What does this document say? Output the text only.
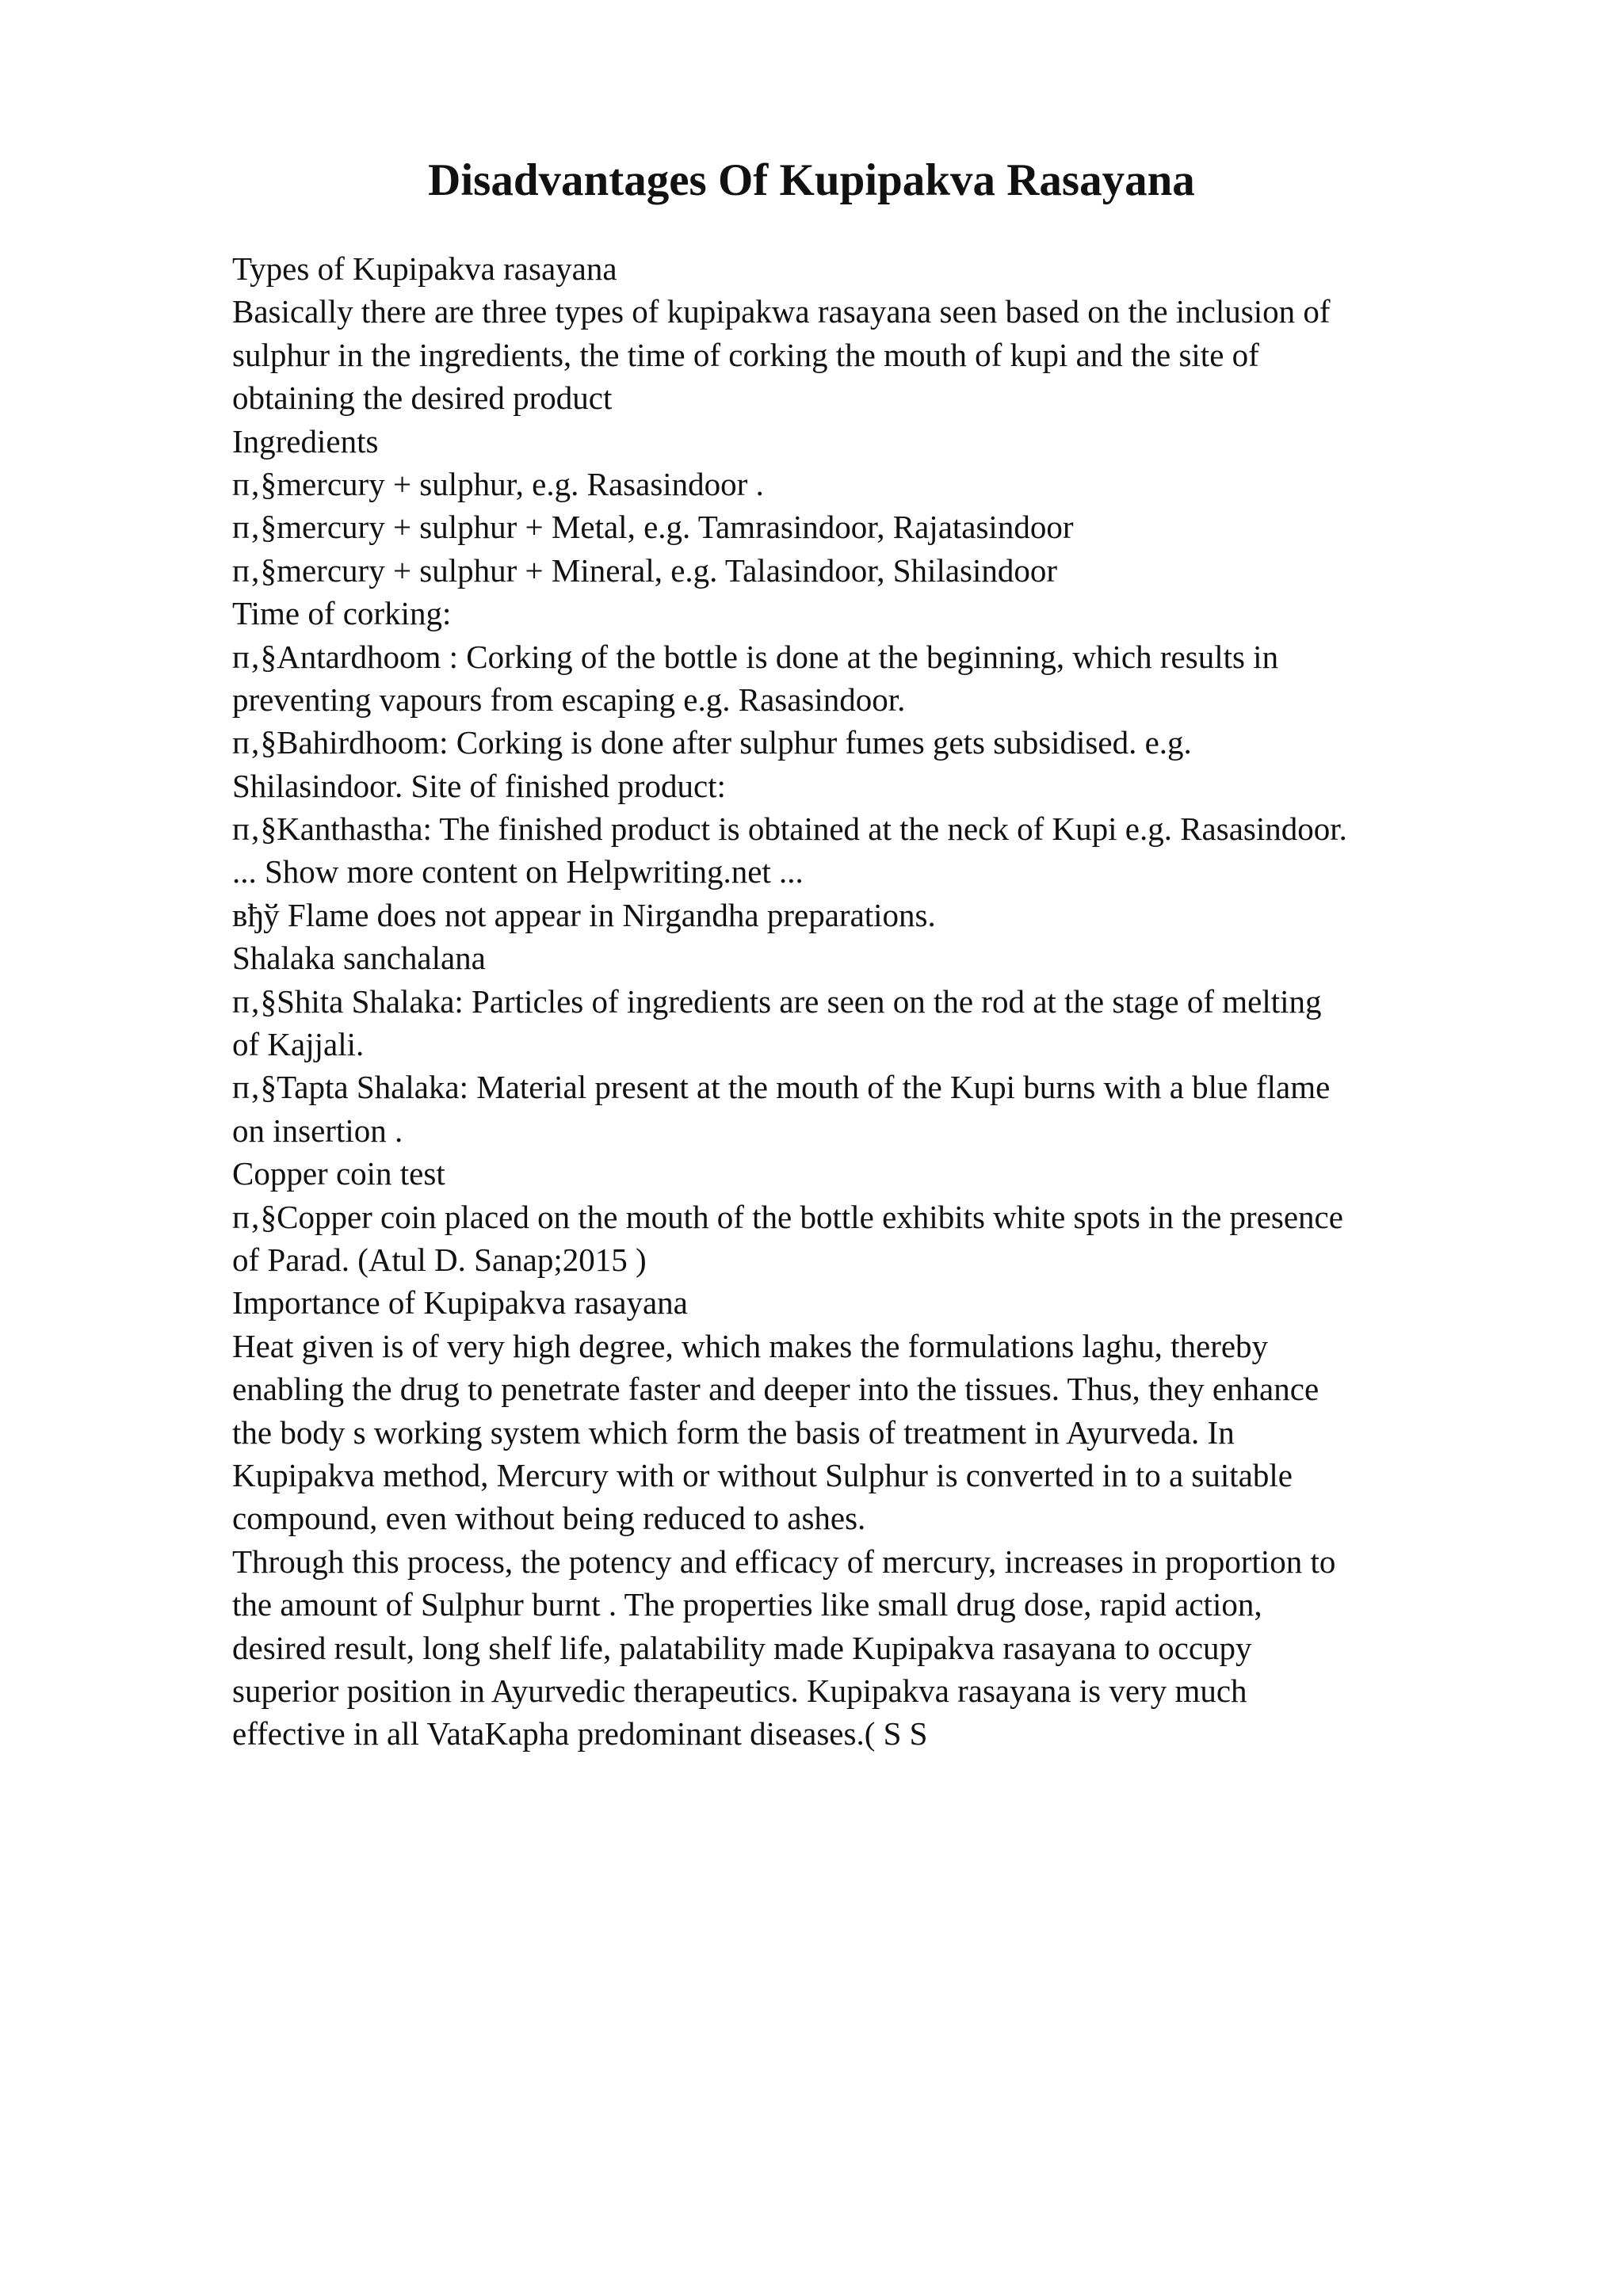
Disadvantages Of Kupipakva Rasayana
Types of Kupipakva rasayana
Basically there are three types of kupipakwa rasayana seen based on the inclusion of
sulphur in the ingredients, the time of corking the mouth of kupi and the site of
obtaining the desired product
Ingredients
п‚§mercury + sulphur, e.g. Rasasindoor .
п‚§mercury + sulphur + Metal, e.g. Tamrasindoor, Rajatasindoor
п‚§mercury + sulphur + Mineral, e.g. Talasindoor, Shilasindoor
Time of corking:
п‚§Antardhoom : Corking of the bottle is done at the beginning, which results in
preventing vapours from escaping e.g. Rasasindoor.
п‚§Bahirdhoom: Corking is done after sulphur fumes gets subsidised. e.g.
Shilasindoor. Site of finished product:
п‚§Kanthastha: The finished product is obtained at the neck of Kupi e.g. Rasasindoor.
... Show more content on Helpwriting.net ...
вђў Flame does not appear in Nirgandha preparations.
Shalaka sanchalana
п‚§Shita Shalaka: Particles of ingredients are seen on the rod at the stage of melting
of Kajjali.
п‚§Tapta Shalaka: Material present at the mouth of the Kupi burns with a blue flame
on insertion .
Copper coin test
п‚§Copper coin placed on the mouth of the bottle exhibits white spots in the presence
of Parad. (Atul D. Sanap;2015 )
Importance of Kupipakva rasayana
Heat given is of very high degree, which makes the formulations laghu, thereby
enabling the drug to penetrate faster and deeper into the tissues. Thus, they enhance
the body s working system which form the basis of treatment in Ayurveda. In
Kupipakva method, Mercury with or without Sulphur is converted in to a suitable
compound, even without being reduced to ashes.
Through this process, the potency and efficacy of mercury, increases in proportion to
the amount of Sulphur burnt . The properties like small drug dose, rapid action,
desired result, long shelf life, palatability made Kupipakva rasayana to occupy
superior position in Ayurvedic therapeutics. Kupipakva rasayana is very much
effective in all VataKapha predominant diseases.( S S
